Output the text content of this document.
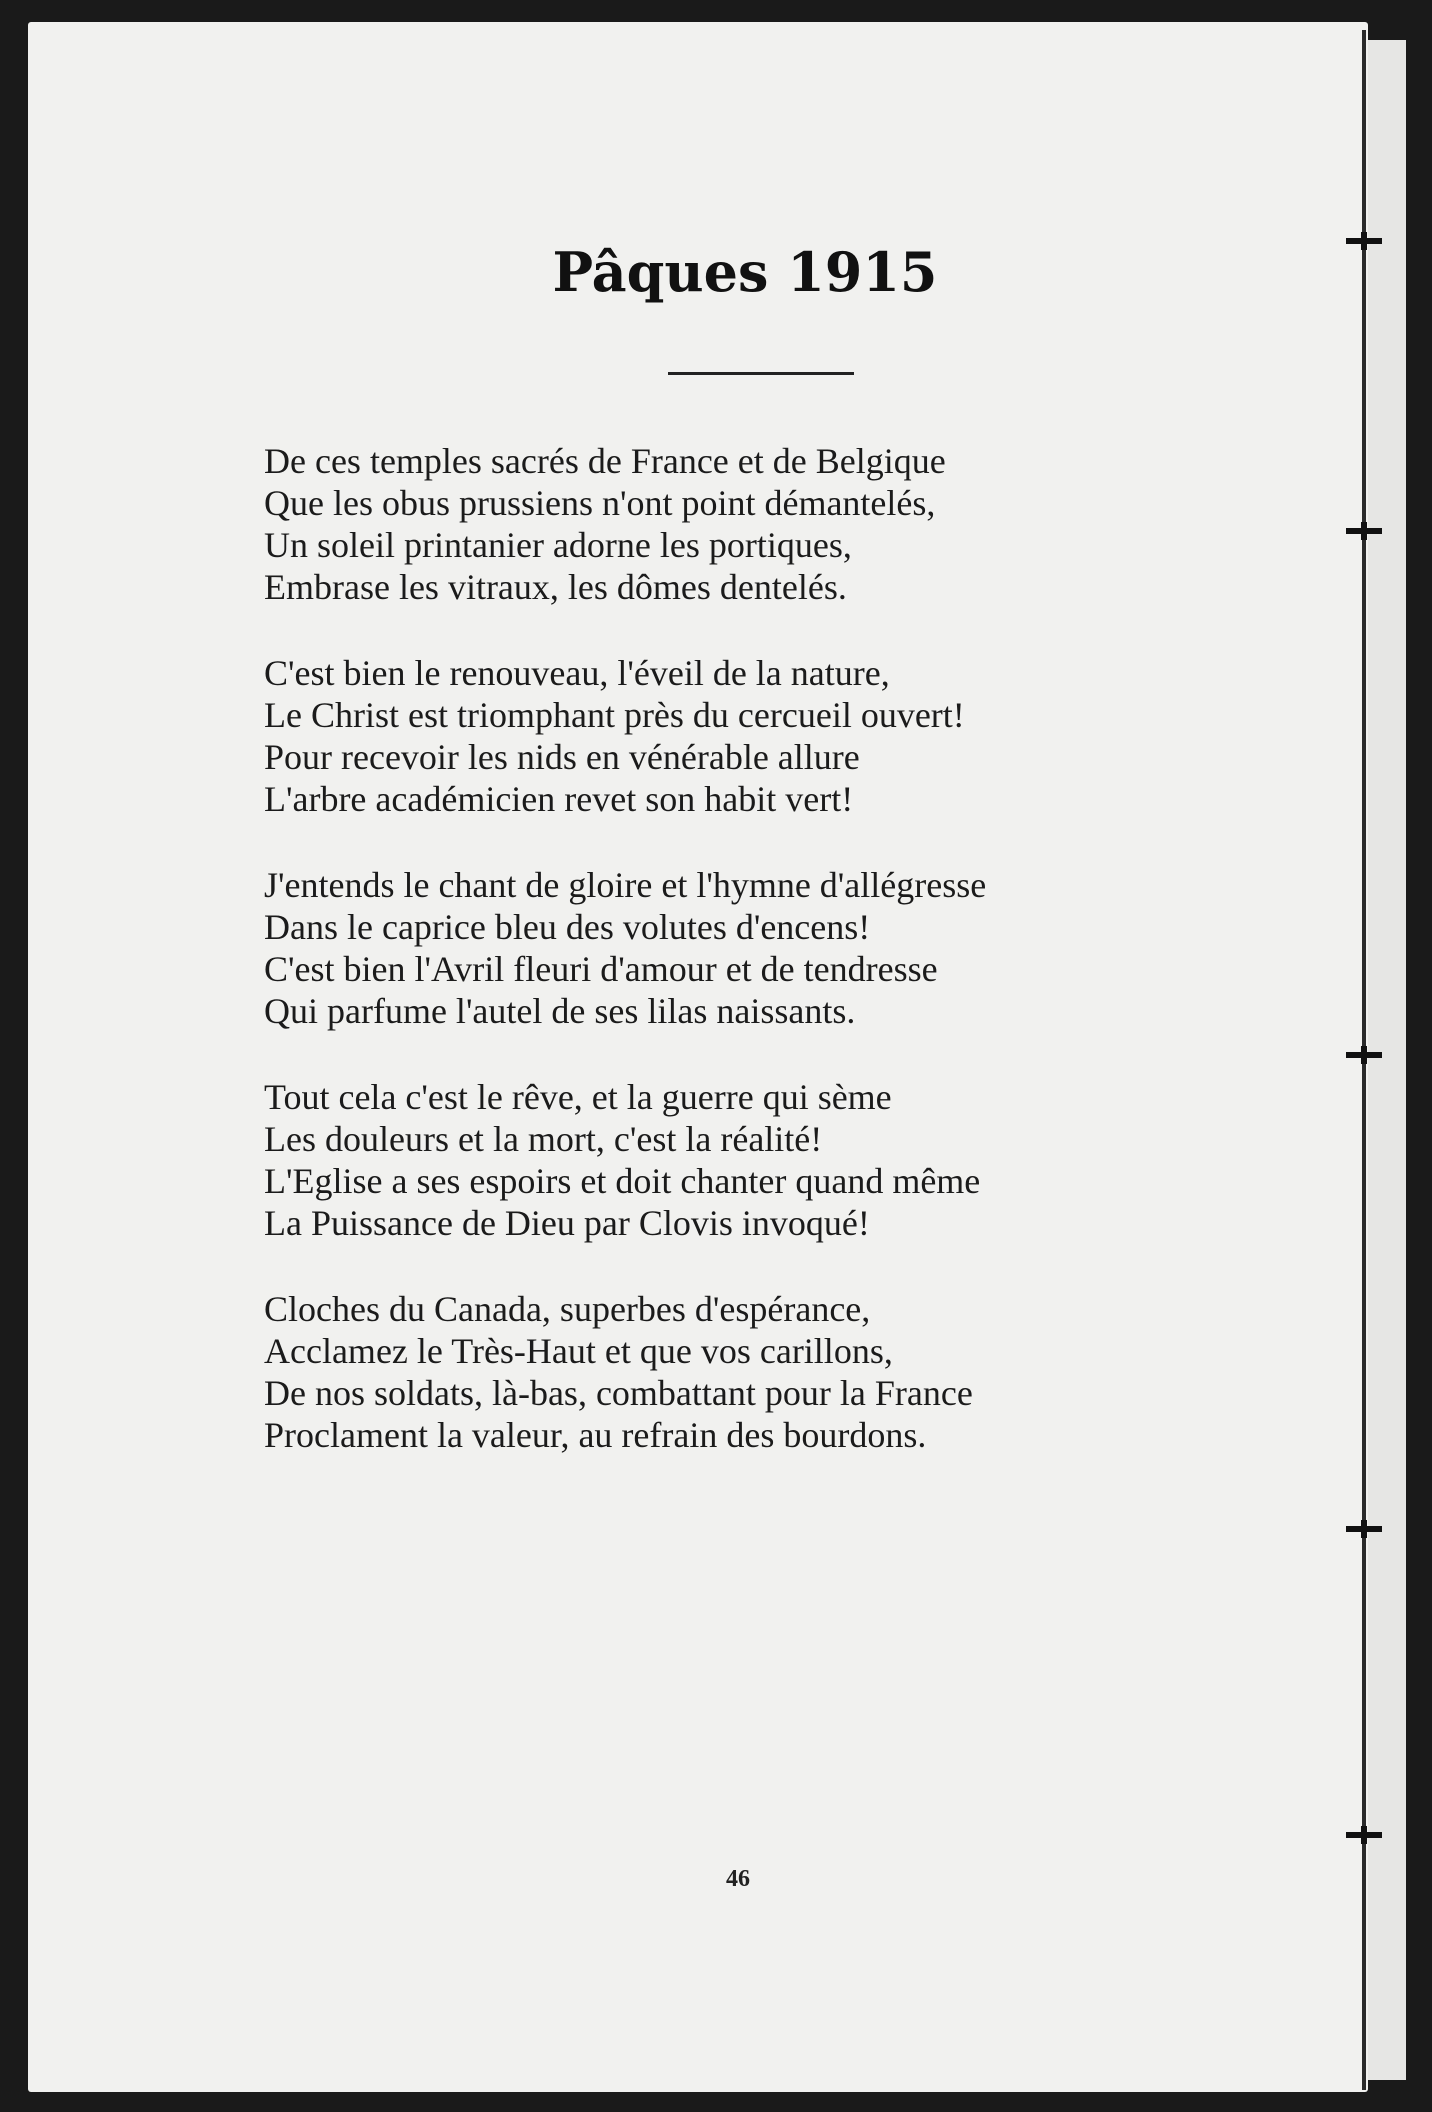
Pâques 1915

De ces temples sacrés de France et de Belgique
Que les obus prussiens n'ont point démantelés,
Un soleil printanier adorne les portiques,
Embrase les vitraux, les dômes dentelés.

C'est bien le renouveau, l'éveil de la nature,
Le Christ est triomphant près du cercueil ouvert!
Pour recevoir les nids en vénérable allure
L'arbre académicien revet son habit vert!

J'entends le chant de gloire et l'hymne d'allégresse
Dans le caprice bleu des volutes d'encens!
C'est bien l'Avril fleuri d'amour et de tendresse
Qui parfume l'autel de ses lilas naissants.

Tout cela c'est le rêve, et la guerre qui sème
Les douleurs et la mort, c'est la réalité!
L'Eglise a ses espoirs et doit chanter quand même
La Puissance de Dieu par Clovis invoqué!

Cloches du Canada, superbes d'espérance,
Acclamez le Très-Haut et que vos carillons,
De nos soldats, là-bas, combattant pour la France
Proclament la valeur, au refrain des bourdons.

46
